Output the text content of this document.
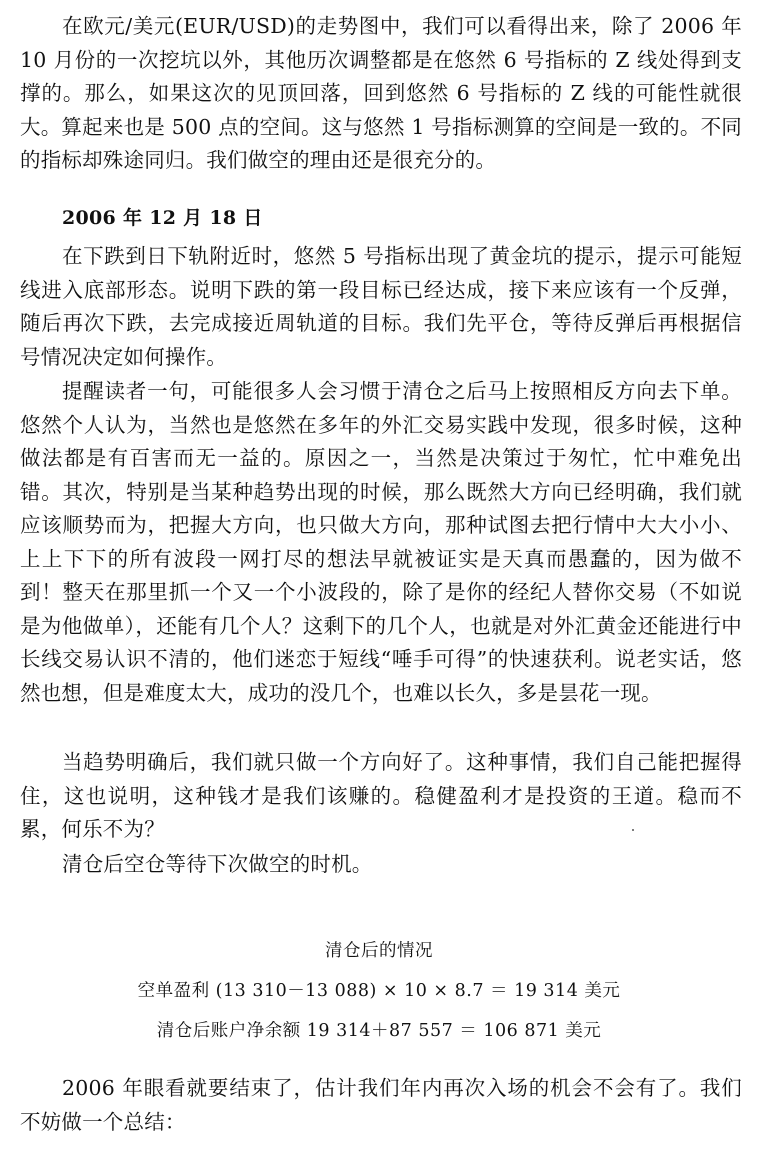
在欧元/美元(EUR/USD)的走势图中，我们可以看得出来，除了 2006 年 10 月份的一次挖坑以外，其他历次调整都是在悠然 6 号指标的 Z 线处得到支撑的。那么，如果这次的见顶回落，回到悠然 6 号指标的 Z 线的可能性就很大。算起来也是 500 点的空间。这与悠然 1 号指标测算的空间是一致的。不同的指标却殊途同归。我们做空的理由还是很充分的。
2006 年 12 月 18 日
在下跌到日下轨附近时，悠然 5 号指标出现了黄金坑的提示，提示可能短线进入底部形态。说明下跌的第一段目标已经达成，接下来应该有一个反弹，随后再次下跌，去完成接近周轨道的目标。我们先平仓，等待反弹后再根据信号情况决定如何操作。
提醒读者一句，可能很多人会习惯于清仓之后马上按照相反方向去下单。悠然个人认为，当然也是悠然在多年的外汇交易实践中发现，很多时候，这种做法都是有百害而无一益的。原因之一，当然是决策过于匆忙，忙中难免出错。其次，特别是当某种趋势出现的时候，那么既然大方向已经明确，我们就应该顺势而为，把握大方向，也只做大方向，那种试图去把行情中大大小小、上上下下的所有波段一网打尽的想法早就被证实是天真而愚蠢的，因为做不到！整天在那里抓一个又一个小波段的，除了是你的经纪人替你交易（不如说是为他做单），还能有几个人？这剩下的几个人，也就是对外汇黄金还能进行中长线交易认识不清的，他们迷恋于短线“唾手可得”的快速获利。说老实话，悠然也想，但是难度太大，成功的没几个，也难以长久，多是昙花一现。
当趋势明确后，我们就只做一个方向好了。这种事情，我们自己能把握得住，这也说明，这种钱才是我们该赚的。稳健盈利才是投资的王道。稳而不累，何乐不为？
清仓后空仓等待下次做空的时机。
清仓后的情况
空单盈利 (13 310－13 088) × 10 × 8.7 ＝ 19 314 美元
清仓后账户净余额 19 314＋87 557 ＝ 106 871 美元
2006 年眼看就要结束了，估计我们年内再次入场的机会不会有了。我们不妨做一个总结：
